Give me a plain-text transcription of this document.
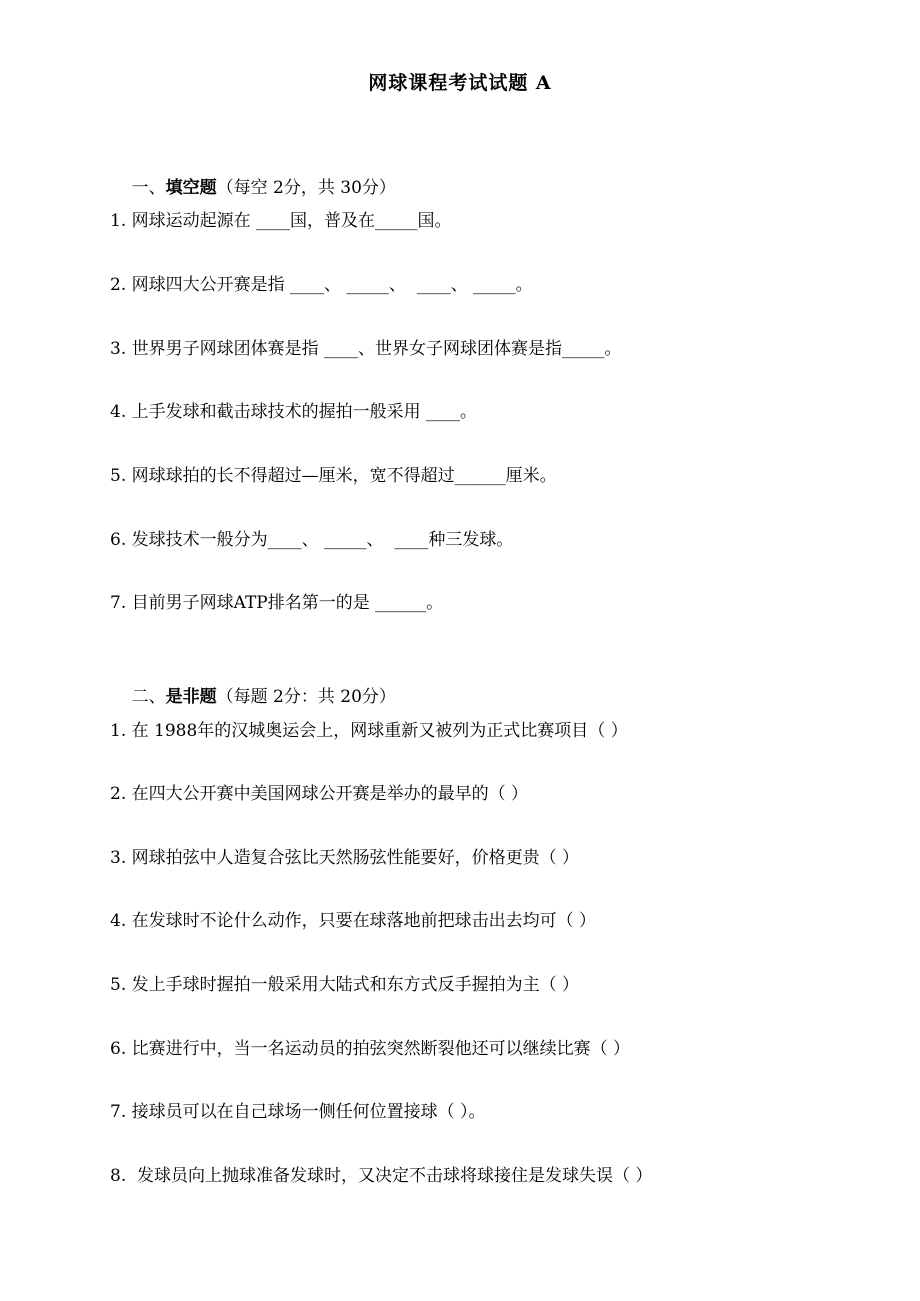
网球课程考试试题 A

一、填空题（每空 2分，共 30分）

1. 网球运动起源在 ____国，普及在_____国。
2. 网球四大公开赛是指 ____、 _____、  ____、 _____。
3. 世界男子网球团体赛是指 ____、世界女子网球团体赛是指_____。
4. 上手发球和截击球技术的握拍一般采用 ____。
5. 网球球拍的长不得超过—厘米，宽不得超过______厘米。
6. 发球技术一般分为____、 _____、  ____种三发球。
7. 目前男子网球ATP排名第一的是 ______。

二、是非题（每题 2分：共 20分）

1. 在 1988年的汉城奥运会上，网球重新又被列为正式比赛项目（ ）
2. 在四大公开赛中美国网球公开赛是举办的最早的（ ）
3. 网球拍弦中人造复合弦比天然肠弦性能要好，价格更贵（ ）
4. 在发球时不论什么动作，只要在球落地前把球击出去均可（ ）
5. 发上手球时握拍一般采用大陆式和东方式反手握拍为主（ ）
6. 比赛进行中，当一名运动员的拍弦突然断裂他还可以继续比赛（ ）
7. 接球员可以在自己球场一侧任何位置接球（ ）。
8.  发球员向上抛球准备发球时，又决定不击球将球接住是发球失误（ ）
